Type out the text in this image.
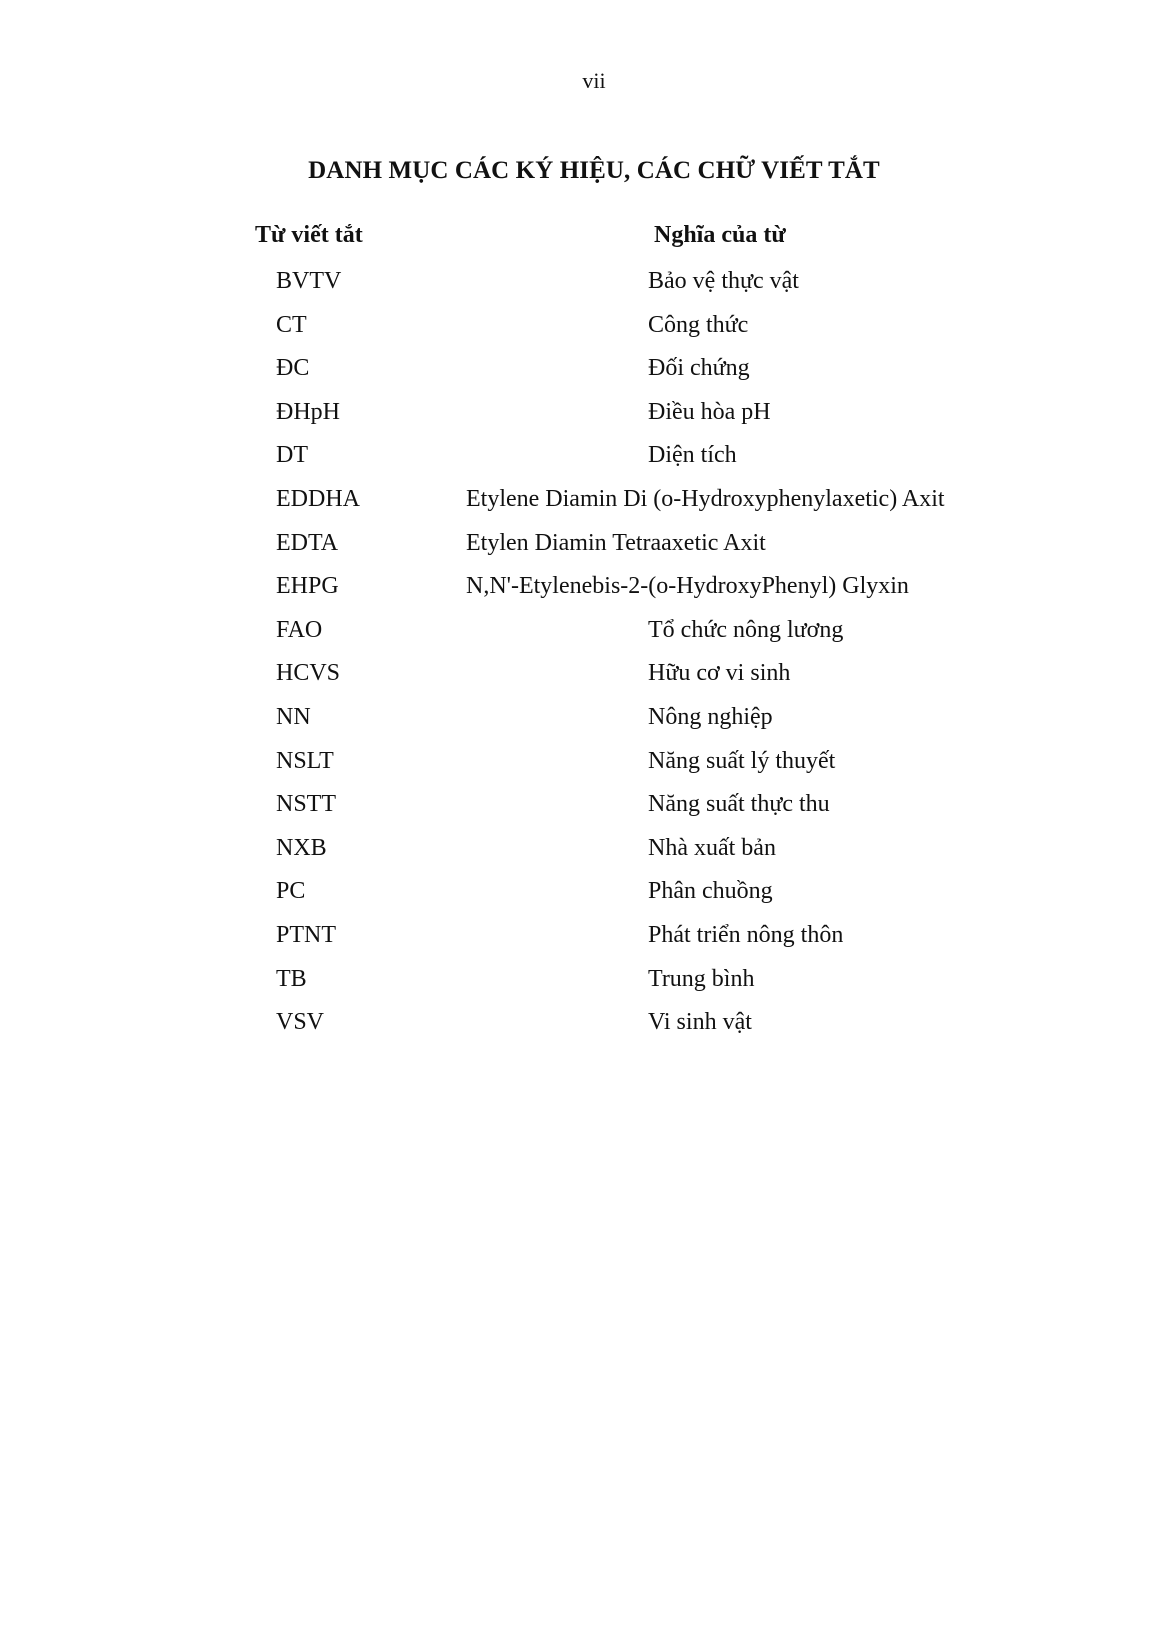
vii
DANH MỤC CÁC KÝ HIỆU, CÁC CHỮ VIẾT TẮT
Từ viết tắt	Nghĩa của từ
BVTV	Bảo vệ thực vật
CT	Công thức
ĐC	Đối chứng
ĐHpH	Điều hòa pH
DT	Diện tích
EDDHA	Etylene Diamin Di (o-Hydroxyphenylaxetic) Axit
EDTA	Etylen Diamin Tetraaxetic Axit
EHPG	N,N'-Etylenebis-2-(o-HydroxyPhenyl) Glyxin
FAO	Tổ chức nông lương
HCVS	Hữu cơ vi sinh
NN	Nông nghiệp
NSLT	Năng suất lý thuyết
NSTT	Năng suất thực thu
NXB	Nhà xuất bản
PC	Phân chuồng
PTNT	Phát triển nông thôn
TB	Trung bình
VSV	Vi sinh vật
